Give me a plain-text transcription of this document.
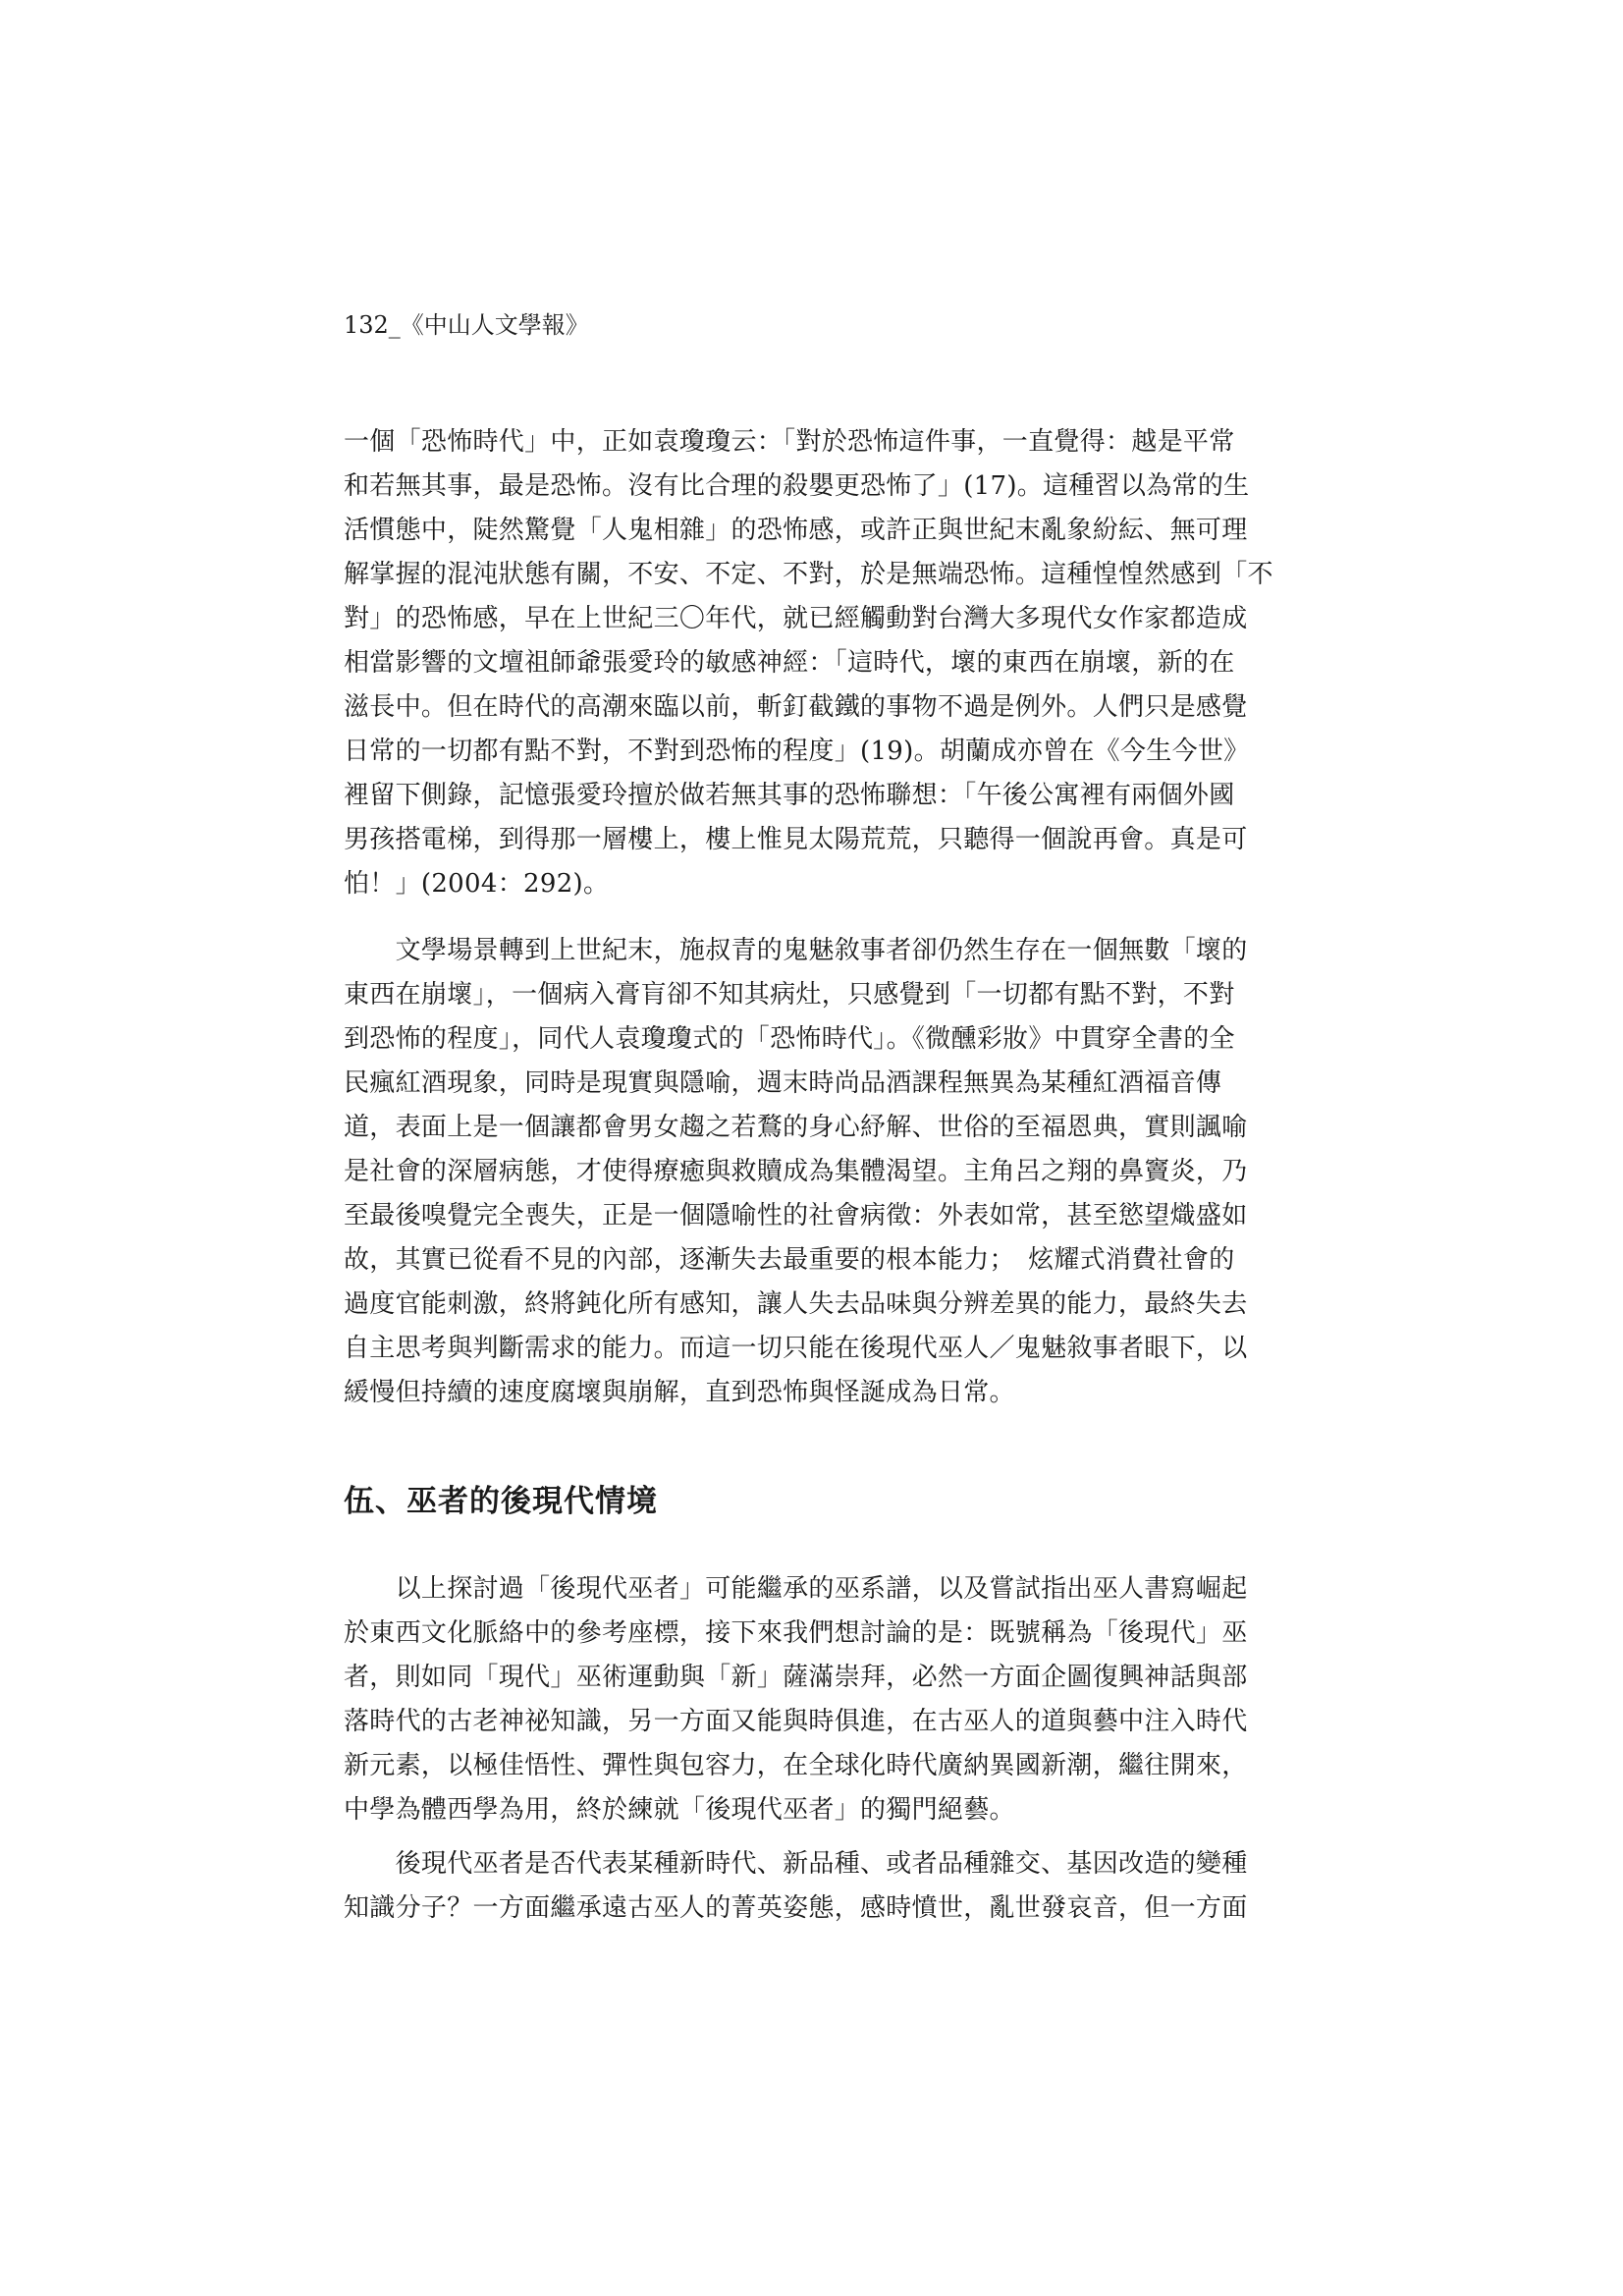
132_《中山人文學報》
一個「恐怖時代」中，正如袁瓊瓊云：「對於恐怖這件事，一直覺得：越是平常
和若無其事，最是恐怖。沒有比合理的殺嬰更恐怖了」(17)。這種習以為常的生
活慣態中，陡然驚覺「人鬼相雜」的恐怖感，或許正與世紀末亂象紛紜、無可理
解掌握的混沌狀態有關，不安、不定、不對，於是無端恐怖。這種惶惶然感到「不
對」的恐怖感，早在上世紀三〇年代，就已經觸動對台灣大多現代女作家都造成
相當影響的文壇祖師爺張愛玲的敏感神經：「這時代，壞的東西在崩壞，新的在
滋長中。但在時代的高潮來臨以前，斬釘截鐵的事物不過是例外。人們只是感覺
日常的一切都有點不對，不對到恐怖的程度」(19)。胡蘭成亦曾在《今生今世》
裡留下側錄，記憶張愛玲擅於做若無其事的恐怖聯想：「午後公寓裡有兩個外國
男孩搭電梯，到得那一層樓上，樓上惟見太陽荒荒，只聽得一個說再會。真是可
怕！」(2004：292)。
　　文學場景轉到上世紀末，施叔青的鬼魅敘事者卻仍然生存在一個無數「壞的
東西在崩壞」，一個病入膏肓卻不知其病灶，只感覺到「一切都有點不對，不對
到恐怖的程度」，同代人袁瓊瓊式的「恐怖時代」。《微醺彩妝》中貫穿全書的全
民瘋紅酒現象，同時是現實與隱喻，週末時尚品酒課程無異為某種紅酒福音傳
道，表面上是一個讓都會男女趨之若鶩的身心紓解、世俗的至福恩典，實則諷喻
是社會的深層病態，才使得療癒與救贖成為集體渴望。主角呂之翔的鼻竇炎，乃
至最後嗅覺完全喪失，正是一個隱喻性的社會病徵：外表如常，甚至慾望熾盛如
故，其實已從看不見的內部，逐漸失去最重要的根本能力；　炫耀式消費社會的
過度官能刺激，終將鈍化所有感知，讓人失去品味與分辨差異的能力，最終失去
自主思考與判斷需求的能力。而這一切只能在後現代巫人／鬼魅敘事者眼下，以
緩慢但持續的速度腐壞與崩解，直到恐怖與怪誕成為日常。
伍、巫者的後現代情境
　　以上探討過「後現代巫者」可能繼承的巫系譜，以及嘗試指出巫人書寫崛起
於東西文化脈絡中的參考座標，接下來我們想討論的是：既號稱為「後現代」巫
者，則如同「現代」巫術運動與「新」薩滿崇拜，必然一方面企圖復興神話與部
落時代的古老神祕知識，另一方面又能與時俱進，在古巫人的道與藝中注入時代
新元素，以極佳悟性、彈性與包容力，在全球化時代廣納異國新潮，繼往開來，
中學為體西學為用，終於練就「後現代巫者」的獨門絕藝。
　　後現代巫者是否代表某種新時代、新品種、或者品種雜交、基因改造的變種
知識分子？一方面繼承遠古巫人的菁英姿態，感時憤世，亂世發哀音，但一方面
